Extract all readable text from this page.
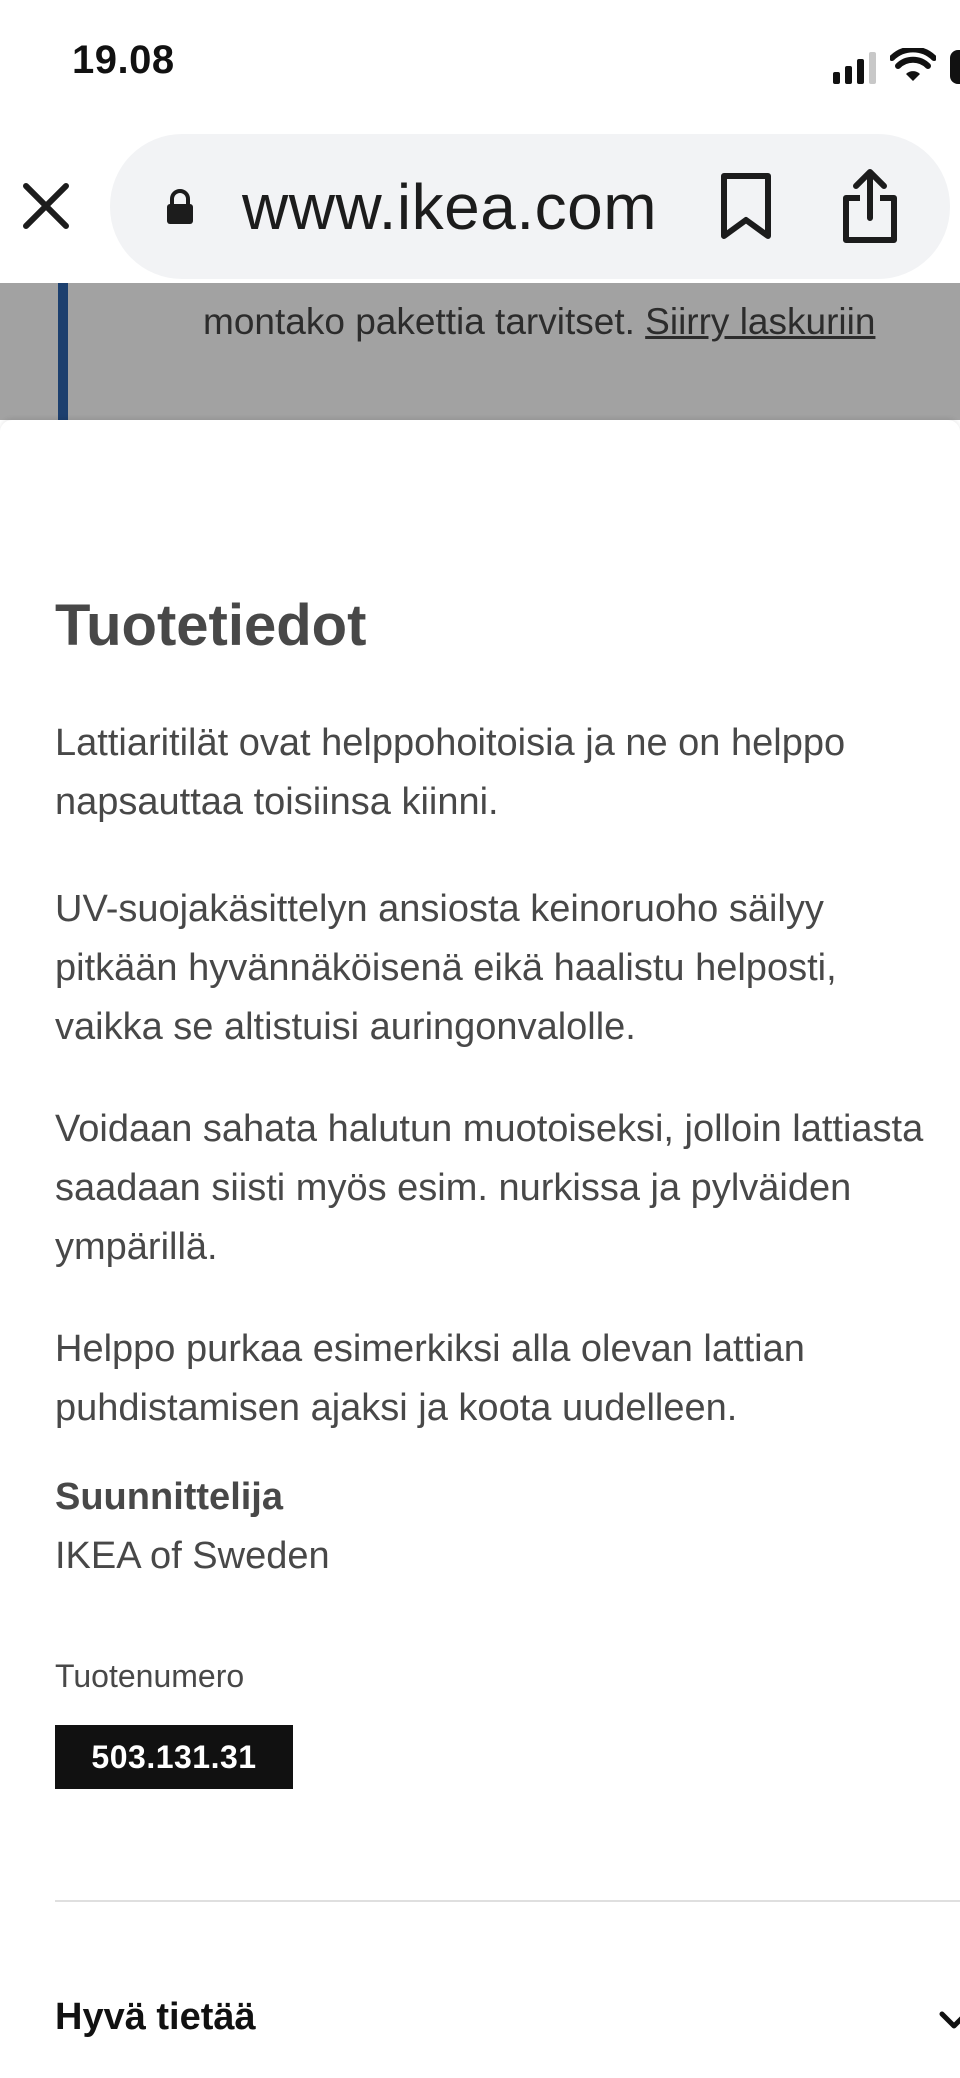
19.08
www.ikea.com
montako pakettia tarvitset. Siirry laskuriin
Tuotetiedot

Lattiaritilät ovat helppohoitoisia ja ne on helppo napsauttaa toisiinsa kiinni.

UV-suojakäsittelyn ansiosta keinoruoho säilyy pitkään hyvännäköisenä eikä haalistu helposti, vaikka se altistuisi auringonvalolle.

Voidaan sahata halutun muotoiseksi, jolloin lattiasta saadaan siisti myös esim. nurkissa ja pylväiden ympärillä.

Helppo purkaa esimerkiksi alla olevan lattian puhdistamisen ajaksi ja koota uudelleen.

Suunnittelija
IKEA of Sweden
Tuotenumero
503.131.31
Hyvä tietää
